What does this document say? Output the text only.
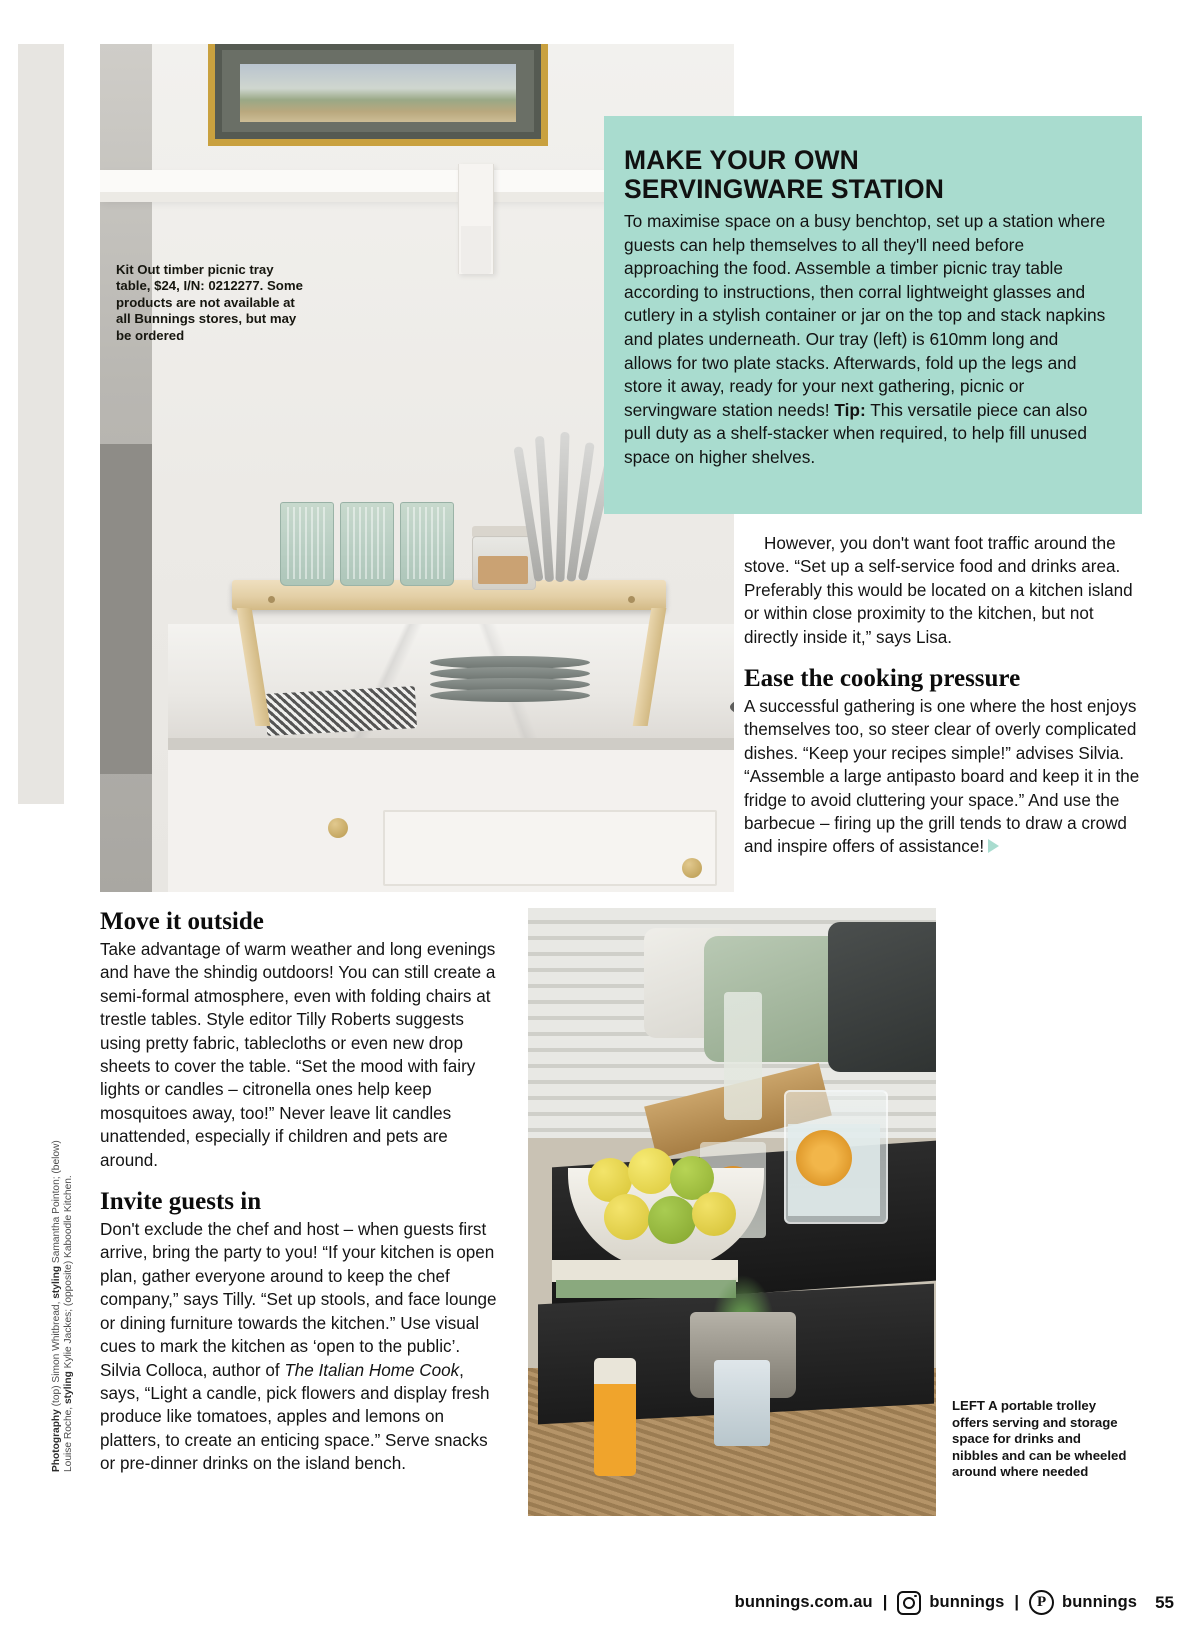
Kit Out timber picnic tray table, $24, I/N: 0212277. Some products are not available at all Bunnings stores, but may be ordered
MAKE YOUR OWN
SERVINGWARE STATION

To maximise space on a busy benchtop, set up a station where guests can help themselves to all they'll need before approaching the food. Assemble a timber picnic tray table according to instructions, then corral lightweight glasses and cutlery in a stylish container or jar on the top and stack napkins and plates underneath. Our tray (left) is 610mm long and allows for two plate stacks. Afterwards, fold up the legs and store it away, ready for your next gathering, picnic or servingware station needs! Tip: This versatile piece can also pull duty as a shelf-stacker when required, to help fill unused space on higher shelves.

However, you don't want foot traffic around the stove. “Set up a self-service food and drinks area. Preferably this would be located on a kitchen island or within close proximity to the kitchen, but not directly inside it,” says Lisa.

Ease the cooking pressure

A successful gathering is one where the host enjoys themselves too, so steer clear of overly complicated dishes. “Keep your recipes simple!” advises Silvia. “Assemble a large antipasto board and keep it in the fridge to avoid cluttering your space.” And use the barbecue – firing up the grill tends to draw a crowd and inspire offers of assistance!

Move it outside

Take advantage of warm weather and long evenings and have the shindig outdoors! You can still create a semi-formal atmosphere, even with folding chairs at trestle tables. Style editor Tilly Roberts suggests using pretty fabric, tablecloths or even new drop sheets to cover the table. “Set the mood with fairy lights or candles – citronella ones help keep mosquitoes away, too!” Never leave lit candles unattended, especially if children and pets are around.

Invite guests in

Don't exclude the chef and host – when guests first arrive, bring the party to you! “If your kitchen is open plan, gather everyone around to keep the chef company,” says Tilly. “Set up stools, and face lounge or dining furniture towards the kitchen.” Use visual cues to mark the kitchen as ‘open to the public’. Silvia Colloca, author of The Italian Home Cook, says, “Light a candle, pick flowers and display fresh produce like tomatoes, apples and lemons on platters, to create an enticing space.” Serve snacks or pre-dinner drinks on the island bench.

LEFT A portable trolley offers serving and storage space for drinks and nibbles and can be wheeled around where needed
Photography (top) Simon Whitbread, styling Samantha Pointon; (below)
Louise Roche, styling Kylie Jackes; (opposite) Kaboodle Kitchen.
bunnings.com.au |	bunnings |	P bunnings 55
